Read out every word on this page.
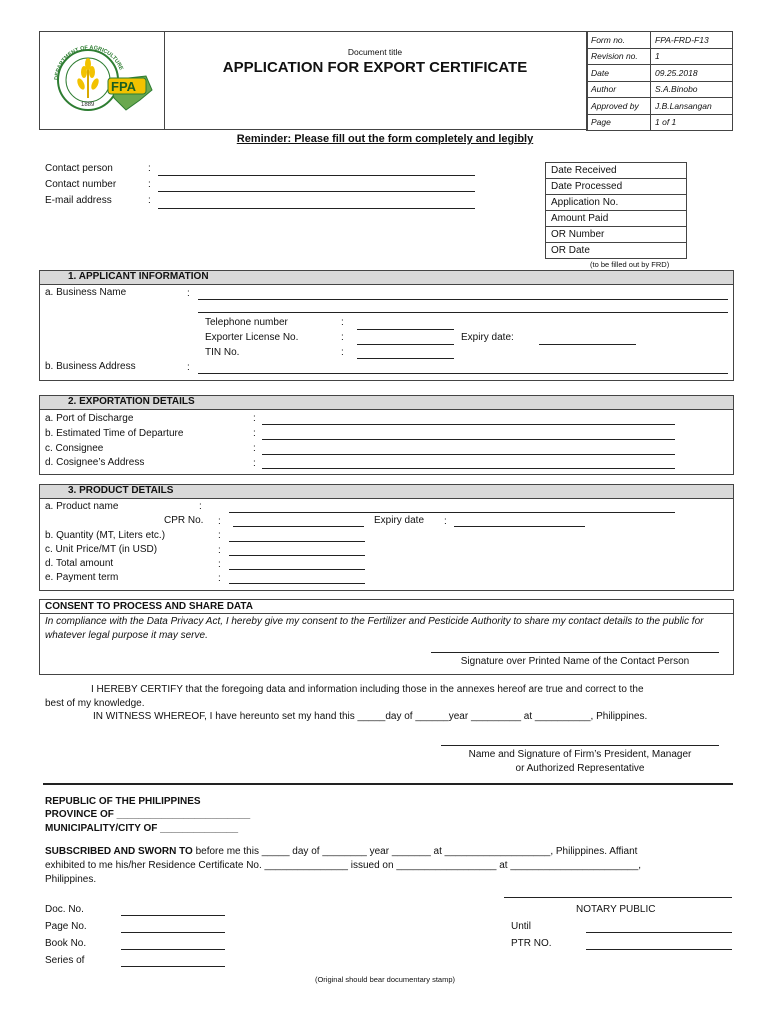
DEPARTMENT OF AGRICULTURE
1889
FPA
Document title
APPLICATION FOR EXPORT CERTIFICATE
Form no.	FPA-FRD-F13
Revision no.	1
Date	09.25.2018
Author	S.A.Binobo
Approved by	J.B.Lansangan
Page	1 of 1
Reminder: Please fill out the form completely and legibly
Contact person	:
Contact number	:
E-mail address	:
Date Received
Date Processed
Application No.
Amount Paid
OR Number
OR Date
(to be filled out by FRD)
1. APPLICANT INFORMATION
a. Business Name	:
Telephone number	:
Exporter License No.	:	Expiry date:
TIN No.	:
b. Business Address	:
2. EXPORTATION DETAILS
a. Port of Discharge	:
b. Estimated Time of Departure	:
c. Consignee	:
d. Cosignee’s Address	:
3. PRODUCT DETAILS
a. Product name	:
CPR No. :	Expiry date :
b. Quantity (MT, Liters etc.)	:
c. Unit Price/MT (in USD)	:
d. Total amount	:
e. Payment term	:
CONSENT TO PROCESS AND SHARE DATA
In compliance with the Data Privacy Act, I hereby give my consent to the Fertilizer and Pesticide Authority to share my contact details to the public for whatever legal purpose it may serve.
Signature over Printed Name of the Contact Person
I HEREBY CERTIFY that the foregoing data and information including those in the annexes hereof are true and correct to the
best of my knowledge.
IN WITNESS WHEREOF, I have hereunto set my hand this _____day of ______year _________ at __________, Philippines.
Name and Signature of Firm’s President, Manager
or Authorized Representative
REPUBLIC OF THE PHILIPPINES
PROVINCE OF ________________________
MUNICIPALITY/CITY OF ______________
SUBSCRIBED AND SWORN TO before me this _____ day of ________ year _______ at ___________________, Philippines. Affiant
exhibited to me his/her Residence Certificate No. _______________ issued on __________________ at _______________________,
Philippines.
Doc. No.
Page No.
Book No.
Series of
NOTARY PUBLIC
Until
PTR NO.
(Original should bear documentary stamp)
